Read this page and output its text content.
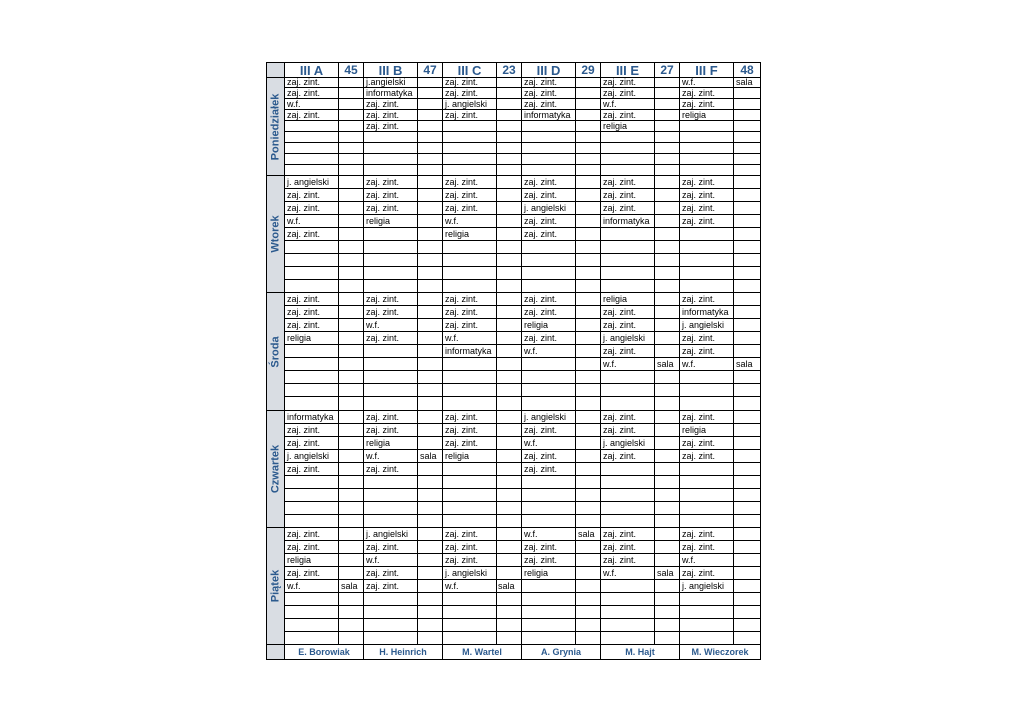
	III A	45	III B	47	III C	23	III D	29	III E	27	III F	48

Poniedziałek	zaj. zint.		j.angielski		zaj. zint.		zaj. zint.		zaj. zint.		w.f.	sala
	zaj. zint.		informatyka		zaj. zint.		zaj. zint.		zaj. zint.		zaj. zint.	
	w.f.		zaj. zint.		j. angielski		zaj. zint.		w.f.		zaj. zint.	
	zaj. zint.		zaj. zint.		zaj. zint.		informatyka		zaj. zint.		religia	
			zaj. zint.						religia			

Wtorek	j. angielski		zaj. zint.		zaj. zint.		zaj. zint.		zaj. zint.		zaj. zint.	
	zaj. zint.		zaj. zint.		zaj. zint.		zaj. zint.		zaj. zint.		zaj. zint.	
	zaj. zint.		zaj. zint.		zaj. zint.		j. angielski		zaj. zint.		zaj. zint.	
	w.f.		religia		w.f.		zaj. zint.		informatyka		zaj. zint.	
	zaj. zint.				religia		zaj. zint.					

Środa	zaj. zint.		zaj. zint.		zaj. zint.		zaj. zint.		religia		zaj. zint.	
	zaj. zint.		zaj. zint.		zaj. zint.		zaj. zint.		zaj. zint.		informatyka	
	zaj. zint.		w.f.		zaj. zint.		religia		zaj. zint.		j. angielski	
	religia		zaj. zint.		w.f.		zaj. zint.		j. angielski		zaj. zint.	
					informatyka		w.f.		zaj. zint.		zaj. zint.	
									w.f.	sala	w.f.	sala

Czwartek	informatyka		zaj. zint.		zaj. zint.		j. angielski		zaj. zint.		zaj. zint.	
	zaj. zint.		zaj. zint.		zaj. zint.		zaj. zint.		zaj. zint.		religia	
	zaj. zint.		religia		zaj. zint.		w.f.		j. angielski		zaj. zint.	
	j. angielski		w.f.	sala	religia		zaj. zint.		zaj. zint.		zaj. zint.	
	zaj. zint.		zaj. zint.				zaj. zint.					

Piątek	zaj. zint.		j. angielski		zaj. zint.		w.f.	sala	zaj. zint.		zaj. zint.	
	zaj. zint.		zaj. zint.		zaj. zint.		zaj. zint.		zaj. zint.		zaj. zint.	
	religia		w.f.		zaj. zint.		zaj. zint.		zaj. zint.		w.f.	
	zaj. zint.		zaj. zint.		j. angielski		religia		w.f.	sala	zaj. zint.	
	w.f.	sala	zaj. zint.		w.f.	sala					j. angielski	

	E. Borowiak		H. Heinrich		M. Wartel		A. Grynia		M. Hajt		M. Wieczorek	
